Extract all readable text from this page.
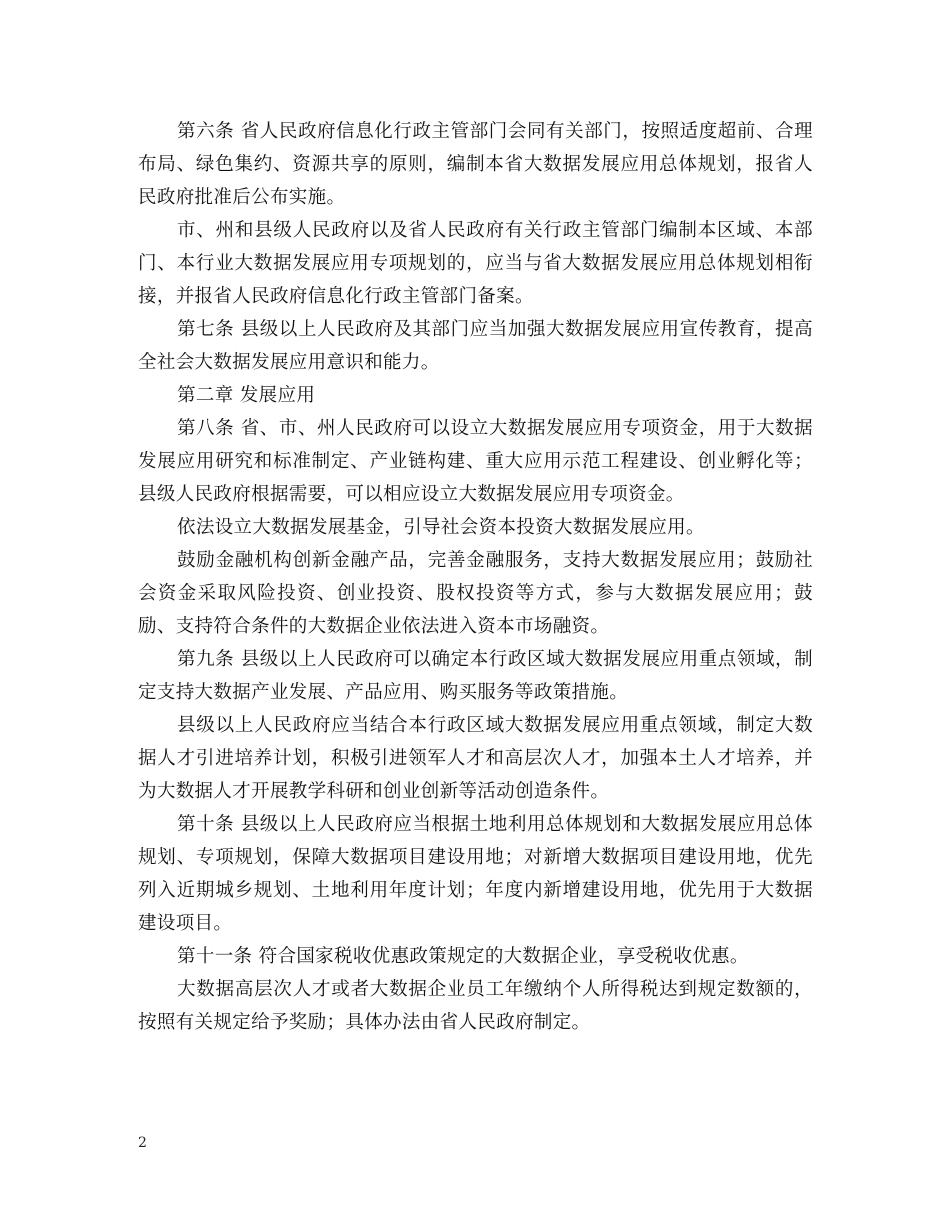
第六条 省人民政府信息化行政主管部门会同有关部门，按照适度超前、合理布局、绿色集约、资源共享的原则，编制本省大数据发展应用总体规划，报省人民政府批准后公布实施。

市、州和县级人民政府以及省人民政府有关行政主管部门编制本区域、本部门、本行业大数据发展应用专项规划的，应当与省大数据发展应用总体规划相衔接，并报省人民政府信息化行政主管部门备案。

第七条 县级以上人民政府及其部门应当加强大数据发展应用宣传教育，提高全社会大数据发展应用意识和能力。

第二章 发展应用

第八条 省、市、州人民政府可以设立大数据发展应用专项资金，用于大数据发展应用研究和标准制定、产业链构建、重大应用示范工程建设、创业孵化等；县级人民政府根据需要，可以相应设立大数据发展应用专项资金。

依法设立大数据发展基金，引导社会资本投资大数据发展应用。

鼓励金融机构创新金融产品，完善金融服务，支持大数据发展应用；鼓励社会资金采取风险投资、创业投资、股权投资等方式，参与大数据发展应用；鼓励、支持符合条件的大数据企业依法进入资本市场融资。

第九条 县级以上人民政府可以确定本行政区域大数据发展应用重点领域，制定支持大数据产业发展、产品应用、购买服务等政策措施。

县级以上人民政府应当结合本行政区域大数据发展应用重点领域，制定大数据人才引进培养计划，积极引进领军人才和高层次人才，加强本土人才培养，并为大数据人才开展教学科研和创业创新等活动创造条件。

第十条 县级以上人民政府应当根据土地利用总体规划和大数据发展应用总体规划、专项规划，保障大数据项目建设用地；对新增大数据项目建设用地，优先列入近期城乡规划、土地利用年度计划；年度内新增建设用地，优先用于大数据建设项目。

第十一条 符合国家税收优惠政策规定的大数据企业，享受税收优惠。

大数据高层次人才或者大数据企业员工年缴纳个人所得税达到规定数额的，按照有关规定给予奖励；具体办法由省人民政府制定。

2
